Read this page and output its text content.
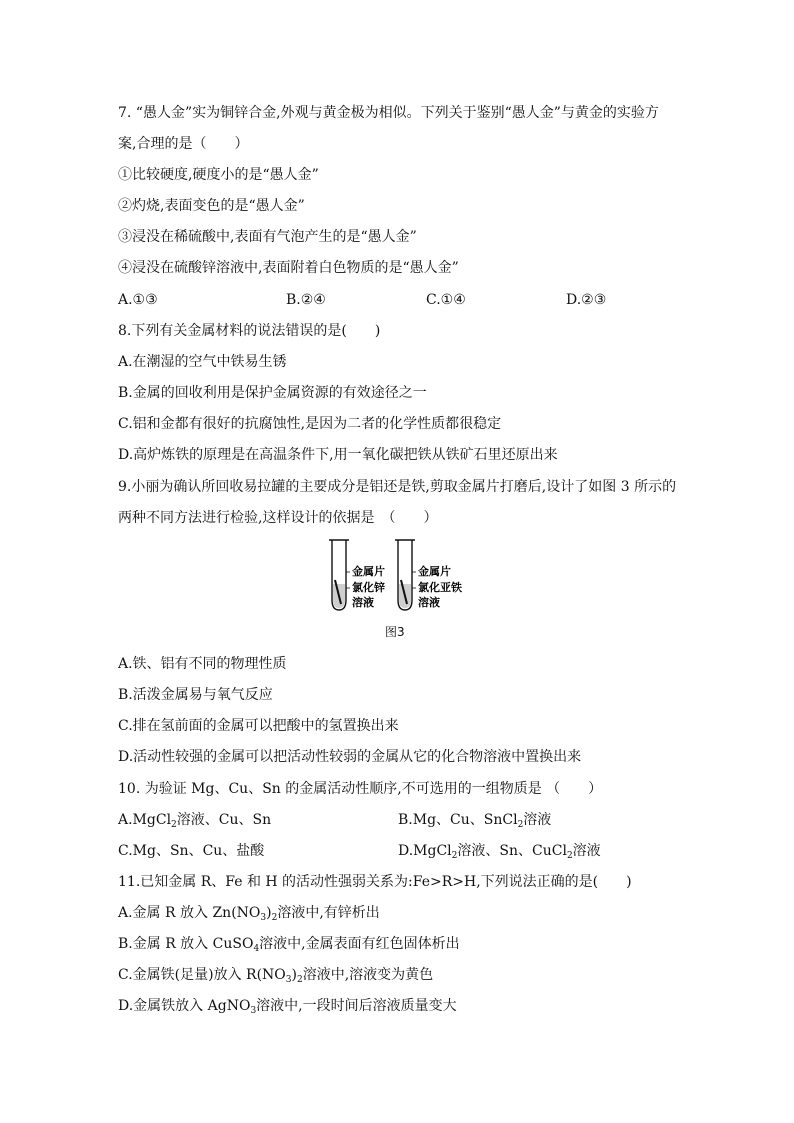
7. “愚人金”实为铜锌合金,外观与黄金极为相似。下列关于鉴别“愚人金”与黄金的实验方
案,合理的是（　　）
①比较硬度,硬度小的是“愚人金”
②灼烧,表面变色的是“愚人金”
③浸没在稀硫酸中,表面有气泡产生的是“愚人金”
④浸没在硫酸锌溶液中,表面附着白色物质的是“愚人金”
A.①③	B.②④	C.①④	D.②③
8.下列有关金属材料的说法错误的是(　　)
A.在潮湿的空气中铁易生锈
B.金属的回收利用是保护金属资源的有效途径之一
C.铝和金都有很好的抗腐蚀性,是因为二者的化学性质都很稳定
D.高炉炼铁的原理是在高温条件下,用一氧化碳把铁从铁矿石里还原出来
9.小丽为确认所回收易拉罐的主要成分是铝还是铁,剪取金属片打磨后,设计了如图 3 所示的
两种不同方法进行检验,这样设计的依据是　（　　）
金属片
氯化锌
溶液
金属片
氯化亚铁
溶液
图3
A.铁、铝有不同的物理性质
B.活泼金属易与氧气反应
C.排在氢前面的金属可以把酸中的氢置换出来
D.活动性较强的金属可以把活动性较弱的金属从它的化合物溶液中置换出来
10. 为验证 Mg、Cu、Sn 的金属活动性顺序,不可选用的一组物质是 （　　）
A.MgCl$_2$溶液、Cu、Sn	B.Mg、Cu、SnCl$_2$溶液
C.Mg、Sn、Cu、盐酸	D.MgCl$_2$溶液、Sn、CuCl$_2$溶液
11.已知金属 R、Fe 和 H 的活动性强弱关系为:Fe>R>H,下列说法正确的是(　　)
A.金属 R 放入 $Zn(NO_3)_2$溶液中,有锌析出
B.金属 R 放入 CuSO$_4$溶液中,金属表面有红色固体析出
C.金属铁(足量)放入 $R(NO_3)_2$溶液中,溶液变为黄色
D.金属铁放入 AgNO$_3$溶液中,一段时间后溶液质量变大
